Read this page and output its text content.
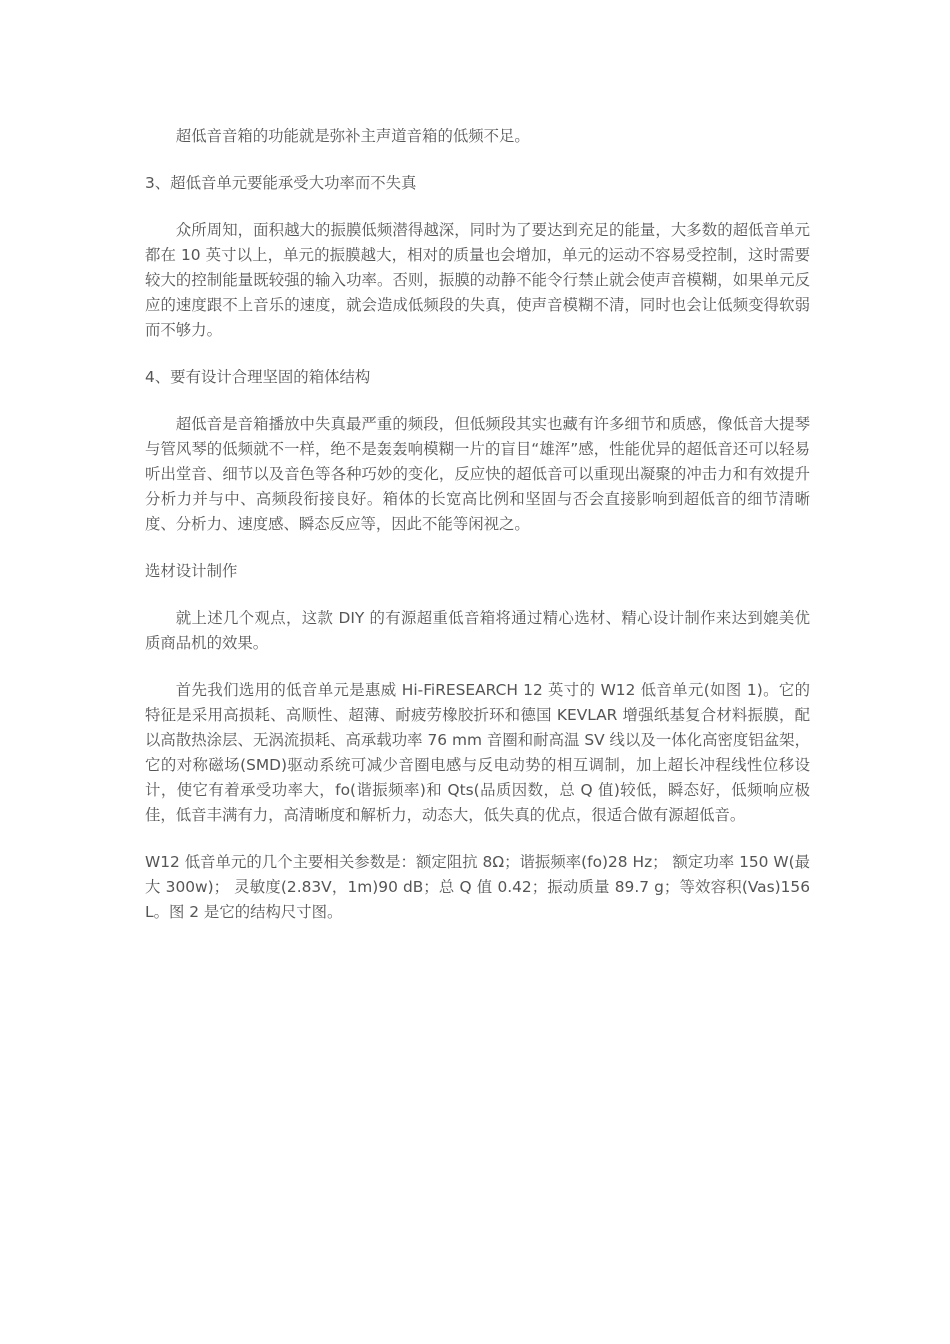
超低音音箱的功能就是弥补主声道音箱的低频不足。

3、超低音单元要能承受大功率而不失真

众所周知，面积越大的振膜低频潜得越深，同时为了要达到充足的能量，大多数的超低音单元都在 10 英寸以上，单元的振膜越大，相对的质量也会增加，单元的运动不容易受控制，这时需要较大的控制能量既较强的输入功率。否则，振膜的动静不能令行禁止就会使声音模糊，如果单元反应的速度跟不上音乐的速度，就会造成低频段的失真，使声音模糊不清，同时也会让低频变得软弱而不够力。

4、要有设计合理坚固的箱体结构

超低音是音箱播放中失真最严重的频段，但低频段其实也藏有许多细节和质感，像低音大提琴与管风琴的低频就不一样，绝不是轰轰响模糊一片的盲目“雄浑”感，性能优异的超低音还可以轻易听出堂音、细节以及音色等各种巧妙的变化，反应快的超低音可以重现出凝聚的冲击力和有效提升分析力并与中、高频段衔接良好。箱体的长宽高比例和坚固与否会直接影响到超低音的细节清晰度、分析力、速度感、瞬态反应等，因此不能等闲视之。

选材设计制作

就上述几个观点，这款 DIY 的有源超重低音箱将通过精心选材、精心设计制作来达到媲美优质商品机的效果。

首先我们选用的低音单元是惠威 Hi-FiRESEARCH 12 英寸的 W12 低音单元(如图 1)。它的特征是采用高损耗、高顺性、超薄、耐疲劳橡胶折环和德国 KEVLAR 增强纸基复合材料振膜，配以高散热涂层、无涡流损耗、高承载功率 76 mm 音圈和耐高温 SV 线以及一体化高密度铝盆架，它的对称磁场(SMD)驱动系统可减少音圈电感与反电动势的相互调制，加上超长冲程线性位移设计，使它有着承受功率大，fo(谐振频率)和 Qts(品质因数，总 Q 值)较低，瞬态好，低频响应极佳，低音丰满有力，高清晰度和解析力，动态大，低失真的优点，很适合做有源超低音。

W12 低音单元的几个主要相关参数是：额定阻抗 8Ω；谐振频率(fo)28 Hz； 额定功率 150 W(最大 300w)； 灵敏度(2.83V，1m)90 dB；总 Q 值 0.42；振动质量 89.7 g；等效容积(Vas)156 L。图 2 是它的结构尺寸图。
